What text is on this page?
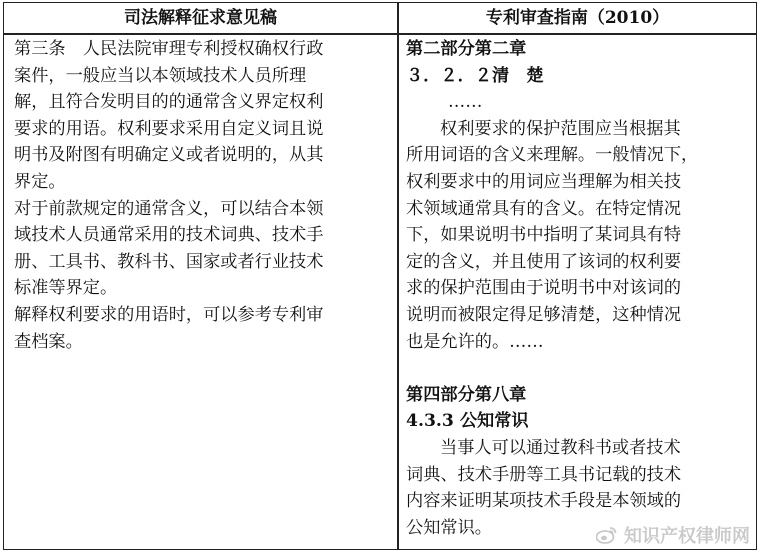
司法解释征求意见稿	专利审查指南（2010）
第三条　人民法院审理专利授权确权行政
案件，一般应当以本领域技术人员所理
解，且符合发明目的的通常含义界定权利
要求的用语。权利要求采用自定义词且说
明书及附图有明确定义或者说明的，从其
界定。
对于前款规定的通常含义，可以结合本领
域技术人员通常采用的技术词典、技术手
册、工具书、教科书、国家或者行业技术
标准等界定。
解释权利要求的用语时，可以参考专利审
查档案。
第二部分第二章
３．２．２清　楚
……
权利要求的保护范围应当根据其
所用词语的含义来理解。一般情况下，
权利要求中的用词应当理解为相关技
术领域通常具有的含义。在特定情况
下，如果说明书中指明了某词具有特
定的含义，并且使用了该词的权利要
求的保护范围由于说明书中对该词的
说明而被限定得足够清楚，这种情况
也是允许的。……
第四部分第八章
4.3.3 公知常识
当事人可以通过教科书或者技术
词典、技术手册等工具书记载的技术
内容来证明某项技术手段是本领域的
公知常识。	知识产权律师网
